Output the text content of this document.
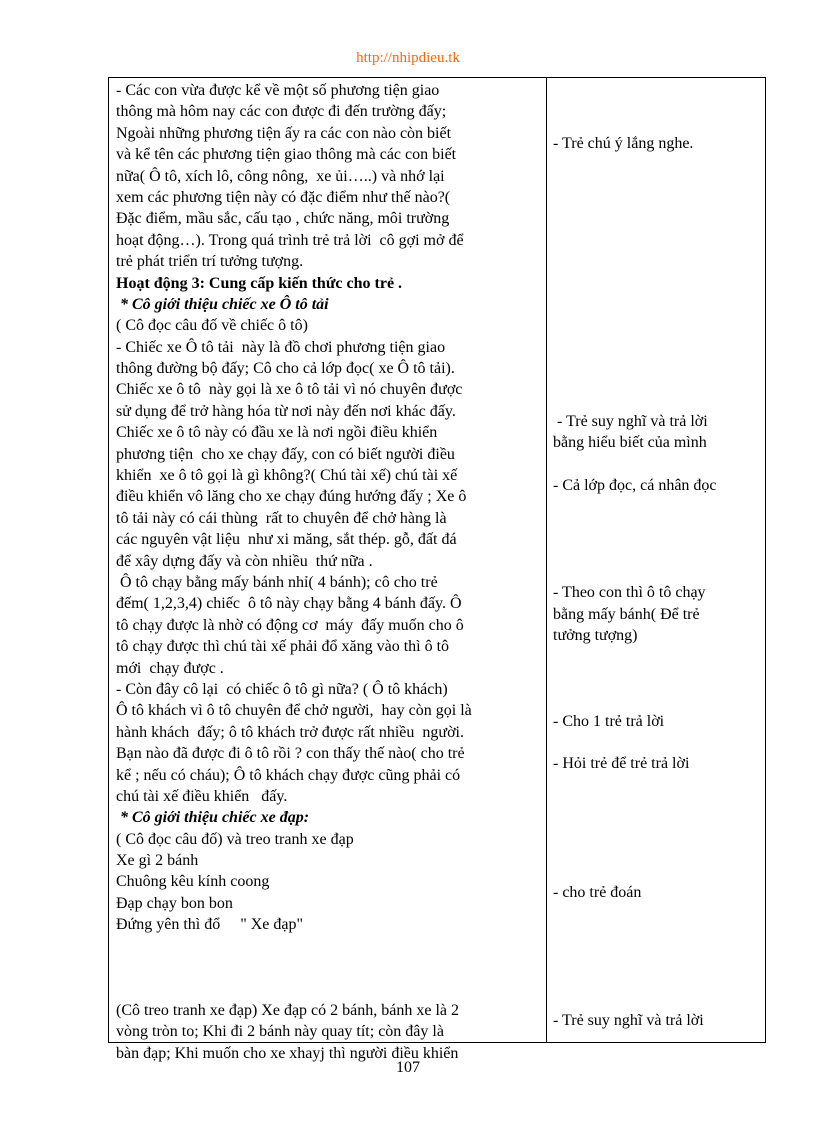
http://nhipdieu.tk
- Các con vừa được kể về một số phương tiện giao
thông mà hôm nay các con được đi đến trường đấy;
Ngoài những phương tiện ấy ra các con nào còn biết
và kể tên các phương tiện giao thông mà các con biết
nữa( Ô tô, xích lô, công nông,  xe ủi…..) và nhớ lại
xem các phương tiện này có đặc điểm như thế nào?(
Đặc điểm, mầu sắc, cấu tạo , chức năng, môi trường
hoạt động…). Trong quá trình trẻ trả lời  cô gợi mở để
trẻ phát triển trí tưởng tượng.
Hoạt động 3: Cung cấp kiến thức cho trẻ .
* Cô giới thiệu chiếc xe Ô tô tải
( Cô đọc câu đố về chiếc ô tô)
- Chiếc xe Ô tô tải  này là đồ chơi phương tiện giao
thông đường bộ đấy; Cô cho cả lớp đọc( xe Ô tô tải).
Chiếc xe ô tô  này gọi là xe ô tô tải vì nó chuyên được
sử dụng để trở hàng hóa từ nơi này đến nơi khác đấy.
Chiếc xe ô tô này có đầu xe là nơi ngồi điều khiển
phương tiện  cho xe chạy đấy, con có biết người điều
khiển  xe ô tô gọi là gì không?( Chú tài xế) chú tài xế
điều khiển vô lăng cho xe chạy đúng hướng đấy ; Xe ô
tô tải này có cái thùng  rất to chuyên để chở hàng là
các nguyên vật liệu  như xi măng, sắt thép. gỗ, đất đá
để xây dựng đấy và còn nhiều  thứ nữa .
Ô tô chạy bằng mấy bánh nhỉ( 4 bánh); cô cho trẻ
đếm( 1,2,3,4) chiếc  ô tô này chạy bằng 4 bánh đấy. Ô
tô chạy được là nhờ có động cơ  máy  đấy muốn cho ô
tô chạy được thì chú tài xế phải đổ xăng vào thì ô tô
mới  chạy được .
- Còn đây cô lại  có chiếc ô tô gì nữa? ( Ô tô khách)
Ô tô khách vì ô tô chuyên để chở người,  hay còn gọi là
hành khách  đấy; ô tô khách trở được rất nhiều  người.
Bạn nào đã được đi ô tô rồi ? con thấy thế nào( cho trẻ
kể ; nếu có cháu); Ô tô khách chạy được cũng phải có
chú tài xế điều khiển   đấy.
* Cô giới thiệu chiếc xe đạp:
( Cô đọc câu đố) và treo tranh xe đạp
Xe gì 2 bánh
Chuông kêu kính coong
Đạp chạy bon bon
Đứng yên thì đổ     " Xe đạp"
(Cô treo tranh xe đạp) Xe đạp có 2 bánh, bánh xe là 2
vòng tròn to; Khi đi 2 bánh này quay tít; còn đây là
bàn đạp; Khi muốn cho xe xhayj thì người điều khiển
- Trẻ chú ý lắng nghe.
- Trẻ suy nghĩ và trả lời
bằng hiểu biết của mình
- Cả lớp đọc, cá nhân đọc
- Theo con thì ô tô chạy
bằng mấy bánh( Để trẻ
tưởng tượng)
- Cho 1 trẻ trả lời
- Hỏi trẻ để trẻ trả lời
- cho trẻ đoán
- Trẻ suy nghĩ và trả lời
107
